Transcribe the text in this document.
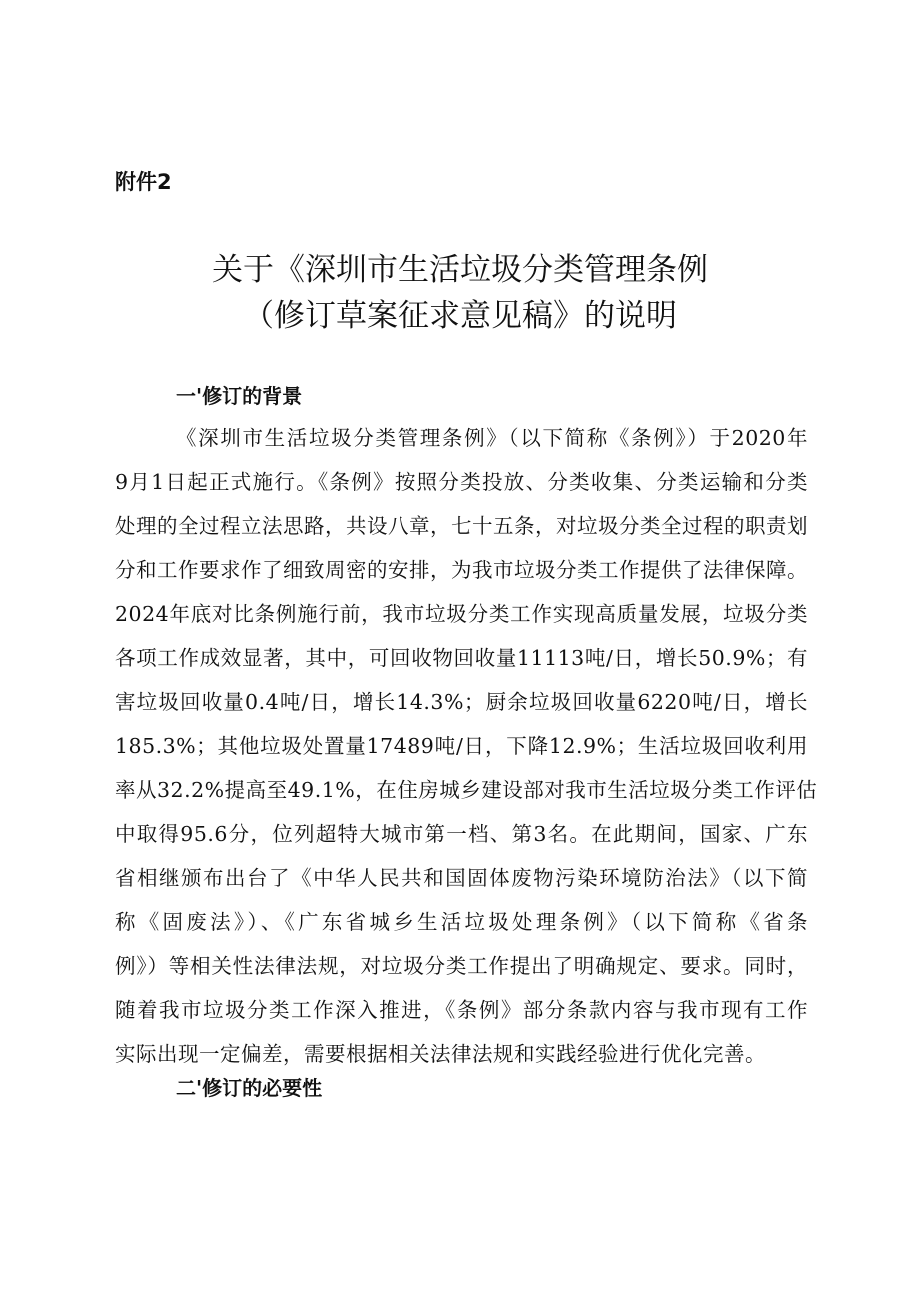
附件2
关于《深圳市生活垃圾分类管理条例
（修订草案征求意见稿》的说明
一'修订的背景
《深圳市生活垃圾分类管理条例》（以下简称《条例》）于2020年
9月1日起正式施行。《条例》按照分类投放、分类收集、分类运输和分类
处理的全过程立法思路，共设八章，七十五条，对垃圾分类全过程的职责划
分和工作要求作了细致周密的安排，为我市垃圾分类工作提供了法律保障。
2024年底对比条例施行前，我市垃圾分类工作实现高质量发展，垃圾分类
各项工作成效显著，其中，可回收物回收量11113吨/日，增长50.9%；有
害垃圾回收量0.4吨/日，增长14.3%；厨余垃圾回收量6220吨/日，增长
185.3%；其他垃圾处置量17489吨/日，下降12.9%；生活垃圾回收利用
率从32.2%提高至49.1%，在住房城乡建设部对我市生活垃圾分类工作评估
中取得95.6分，位列超特大城市第一档、第3名。在此期间，国家、广东
省相继颁布出台了《中华人民共和国固体废物污染环境防治法》（以下简
称《固废法》）、《广东省城乡生活垃圾处理条例》（以下简称《省条
例》）等相关性法律法规，对垃圾分类工作提出了明确规定、要求。同时，
随着我市垃圾分类工作深入推进，《条例》部分条款内容与我市现有工作
实际出现一定偏差，需要根据相关法律法规和实践经验进行优化完善。
二'修订的必要性
